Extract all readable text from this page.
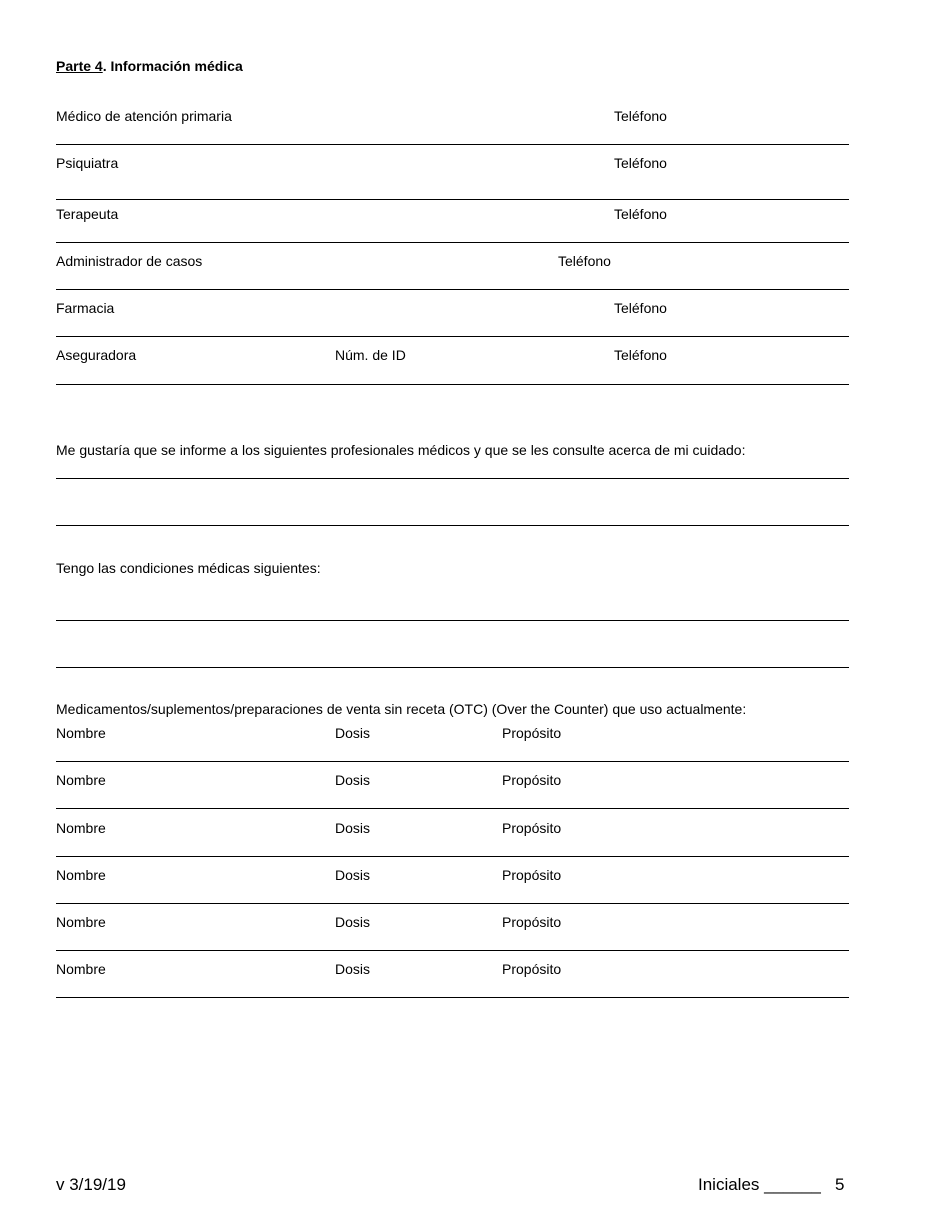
Parte 4. Información médica
Médico de atención primaria	Teléfono
Psiquiatra	Teléfono
Terapeuta	Teléfono
Administrador de casos	Teléfono
Farmacia	Teléfono
Aseguradora	Núm. de ID	Teléfono
Me gustaría que se informe a los siguientes profesionales médicos y que se les consulte acerca de mi cuidado:
Tengo las condiciones médicas siguientes:
Medicamentos/suplementos/preparaciones de venta sin receta (OTC) (Over the Counter) que uso actualmente:
Nombre	Dosis	Propósito
Nombre	Dosis	Propósito
Nombre	Dosis	Propósito
Nombre	Dosis	Propósito
Nombre	Dosis	Propósito
Nombre	Dosis	Propósito
v 3/19/19	Iniciales ______ 5
